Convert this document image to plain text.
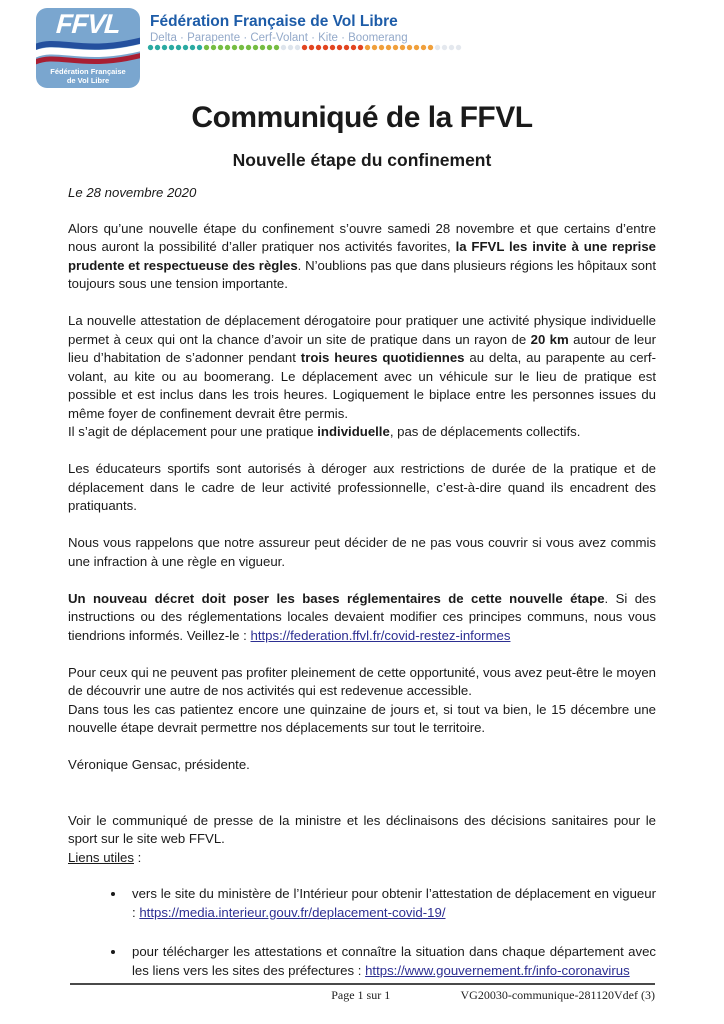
FFVL
Fédération Française
de Vol Libre
Fédération Française de Vol Libre
Delta · Parapente · Cerf-Volant · Kite · Boomerang
Communiqué de la FFVL
Nouvelle étape du confinement
Le 28 novembre 2020

Alors qu’une nouvelle étape du confinement s’ouvre samedi 28 novembre et que certains d’entre nous auront la possibilité d’aller pratiquer nos activités favorites, la FFVL les invite à une reprise prudente et respectueuse des règles. N’oublions pas que dans plusieurs régions les hôpitaux sont toujours sous une tension importante.

La nouvelle attestation de déplacement dérogatoire pour pratiquer une activité physique individuelle permet à ceux qui ont la chance d’avoir un site de pratique dans un rayon de 20 km autour de leur lieu d’habitation de s’adonner pendant trois heures quotidiennes au delta, au parapente au cerf-volant, au kite ou au boomerang. Le déplacement avec un véhicule sur le lieu de pratique est possible et est inclus dans les trois heures. Logiquement le biplace entre les personnes issues du même foyer de confinement devrait être permis.

Il s’agit de déplacement pour une pratique individuelle, pas de déplacements collectifs.

Les éducateurs sportifs sont autorisés à déroger aux restrictions de durée de la pratique et de déplacement dans le cadre de leur activité professionnelle, c’est-à-dire quand ils encadrent des pratiquants.

Nous vous rappelons que notre assureur peut décider de ne pas vous couvrir si vous avez commis une infraction à une règle en vigueur.

Un nouveau décret doit poser les bases réglementaires de cette nouvelle étape. Si des instructions ou des réglementations locales devaient modifier ces principes communs, nous vous tiendrions informés. Veillez-le : https://federation.ffvl.fr/covid-restez-informes

Pour ceux qui ne peuvent pas profiter pleinement de cette opportunité, vous avez peut-être le moyen de découvrir une autre de nos activités qui est redevenue accessible.

Dans tous les cas patientez encore une quinzaine de jours et, si tout va bien, le 15 décembre une nouvelle étape devrait permettre nos déplacements sur tout le territoire.

Véronique Gensac, présidente.

Voir le communiqué de presse de la ministre et les déclinaisons des décisions sanitaires pour le sport sur le site web FFVL.

Liens utiles :

• vers le site du ministère de l’Intérieur pour obtenir l’attestation de déplacement en vigueur : https://media.interieur.gouv.fr/deplacement-covid-19/
• pour télécharger les attestations et connaître la situation dans chaque département avec les liens vers les sites des préfectures : https://www.gouvernement.fr/info-coronavirus
Page 1 sur 1	VG20030-communique-281120Vdef (3)
